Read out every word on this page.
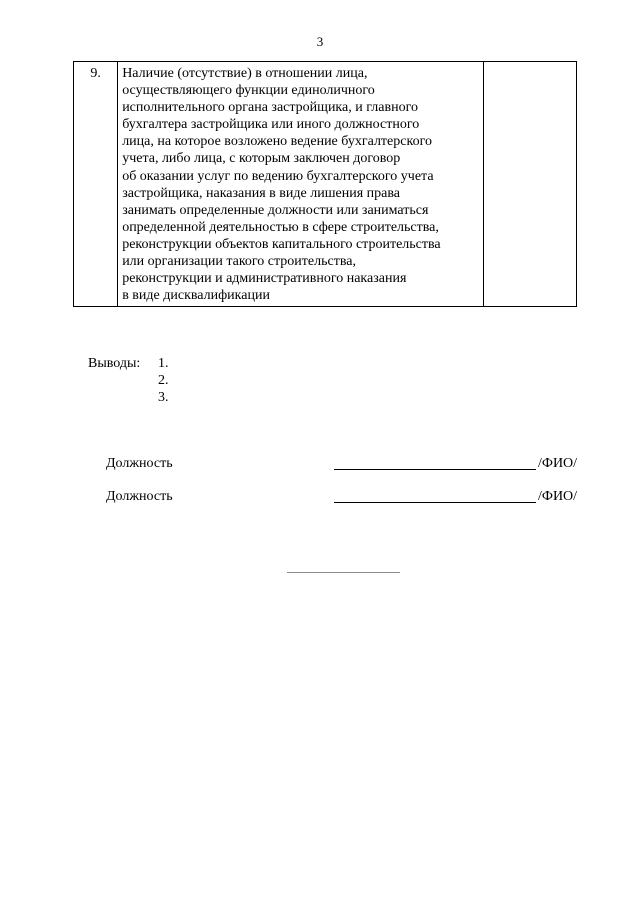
3
9.	Наличие (отсутствие) в отношении лица,
осуществляющего функции единоличного
исполнительного органа застройщика, и главного
бухгалтера застройщика или иного должностного
лица, на которое возложено ведение бухгалтерского
учета, либо лица, с которым заключен договор
об оказании услуг по ведению бухгалтерского учета
застройщика, наказания в виде лишения права
занимать определенные должности или заниматься
определенной деятельностью в сфере строительства,
реконструкции объектов капитального строительства
или организации такого строительства,
реконструкции и административного наказания
в виде дисквалификации

Выводы: 1.
2.
3.
Должность	/ФИО/
Должность	/ФИО/
